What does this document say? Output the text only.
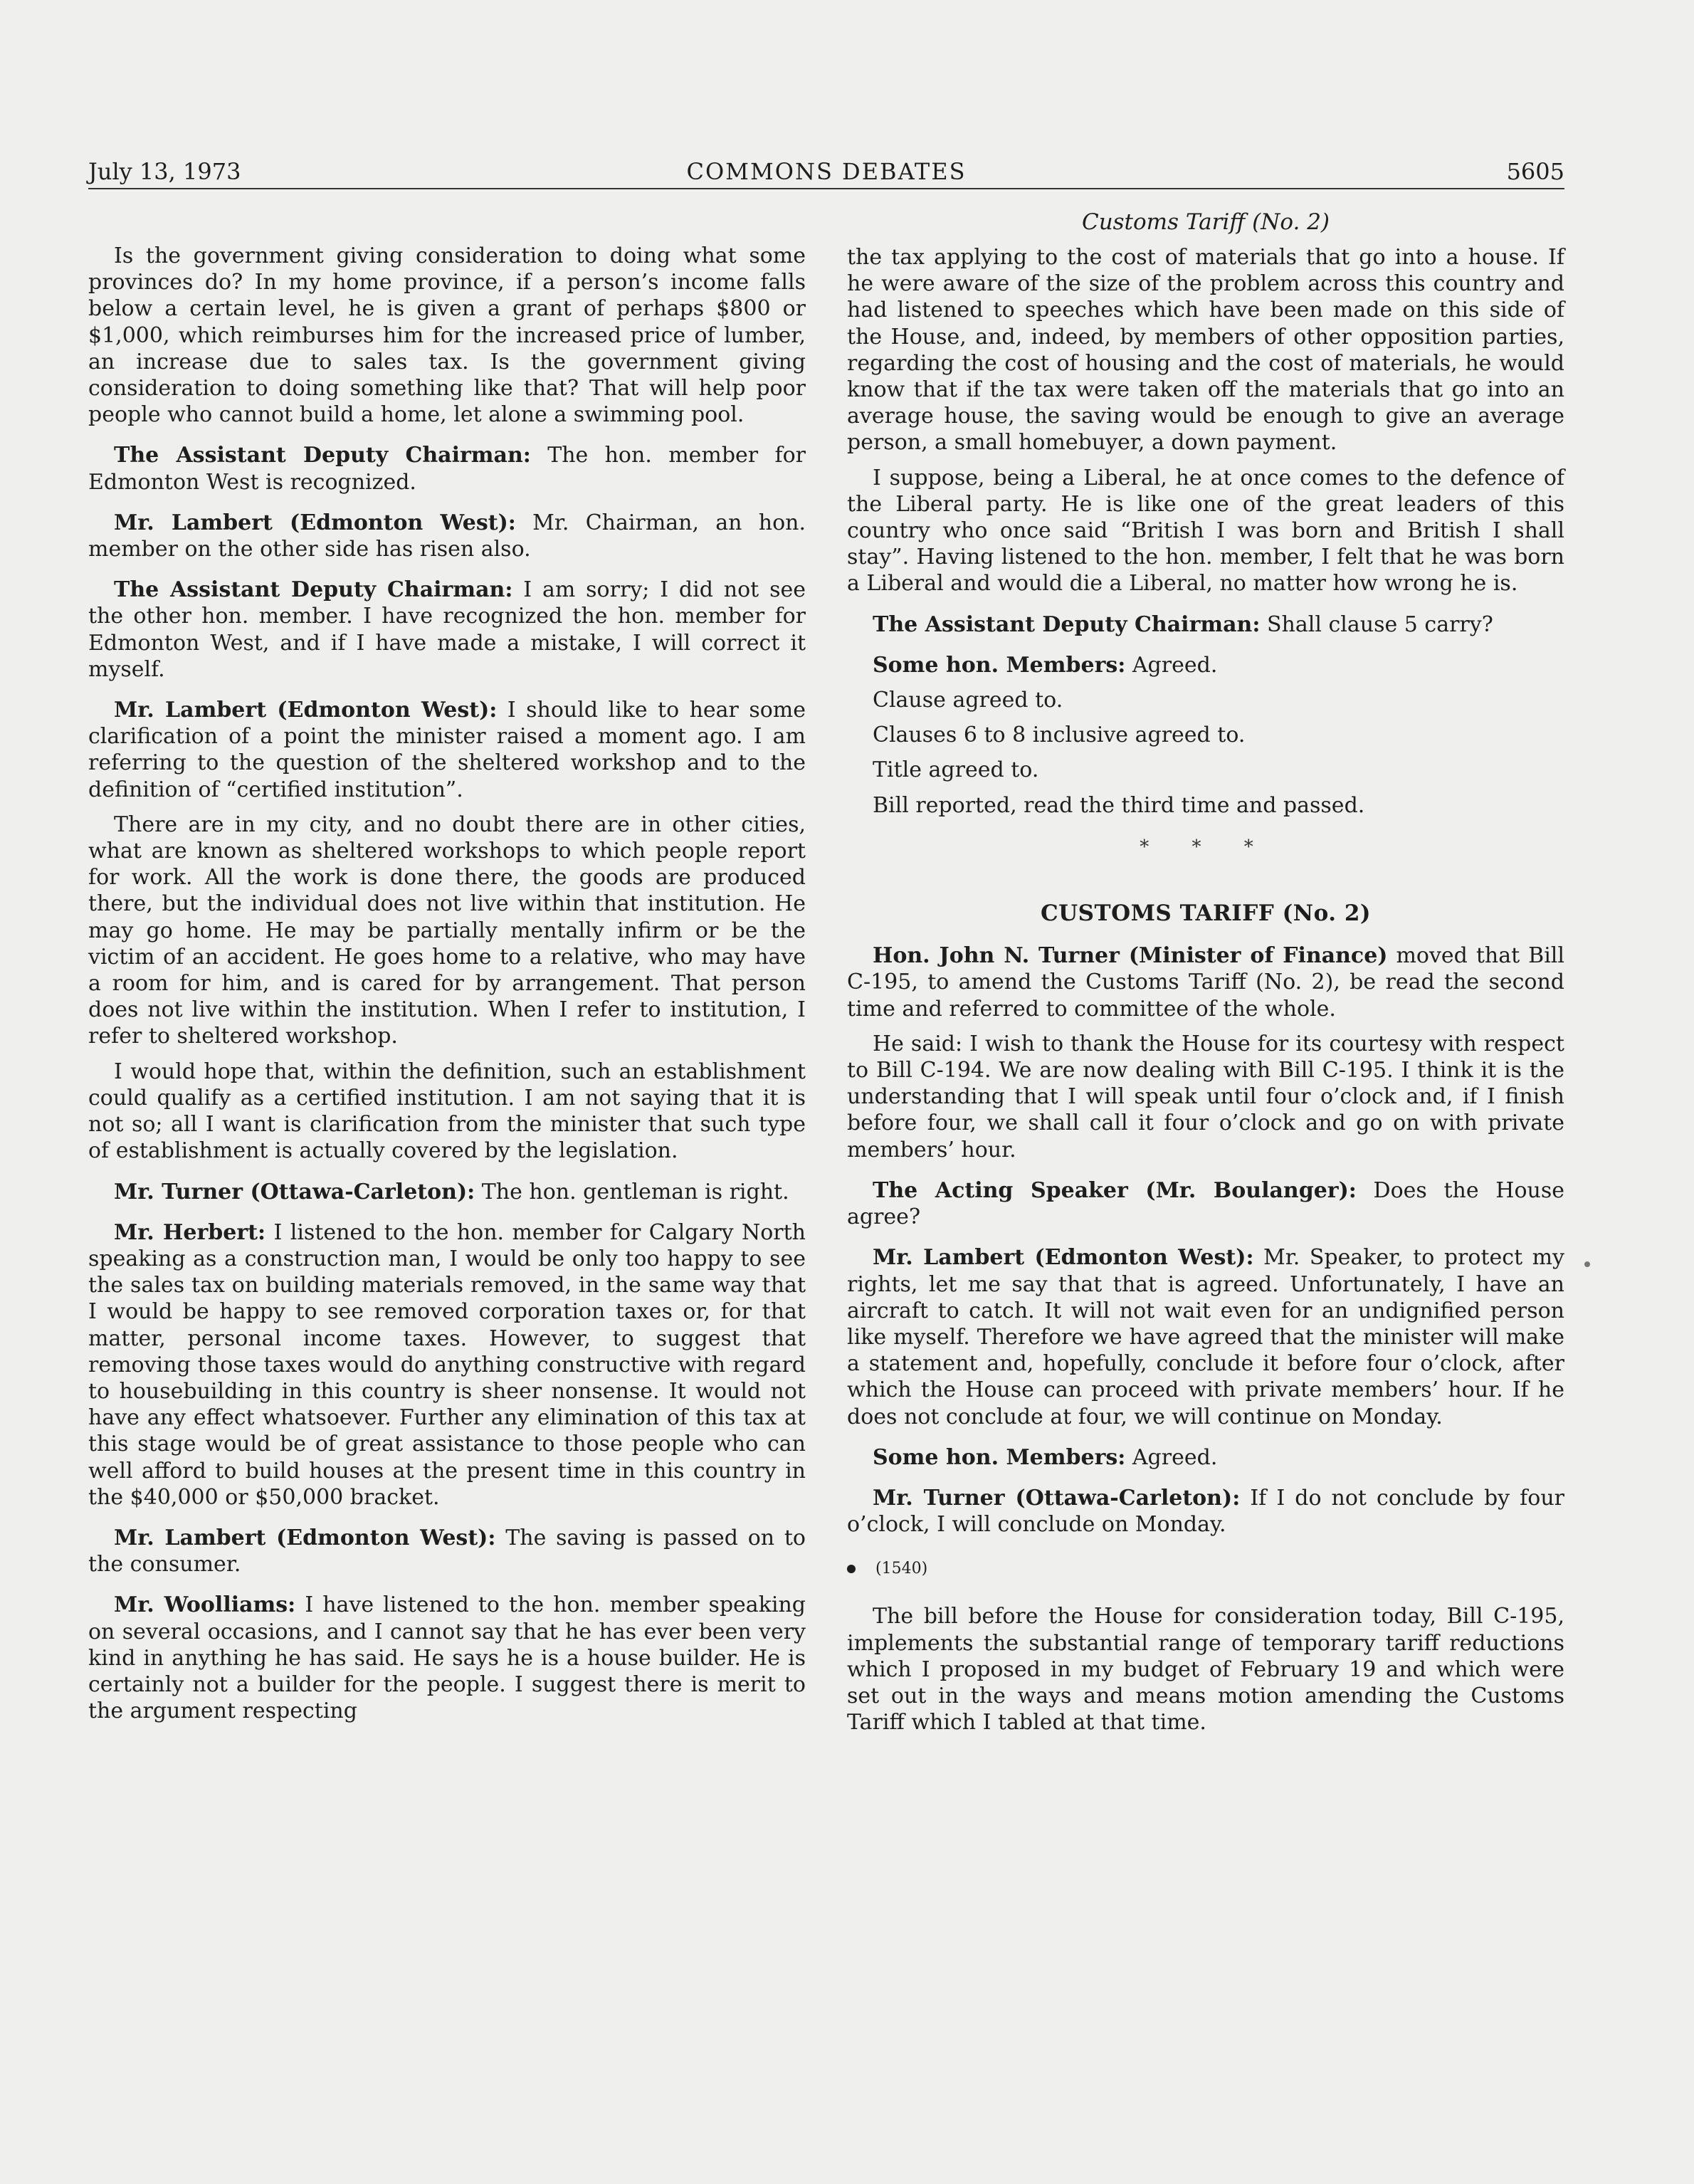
July 13, 1973	COMMONS DEBATES	5605
Customs Tariff (No. 2)

Is the government giving consideration to doing what some provinces do? In my home province, if a person’s income falls below a certain level, he is given a grant of perhaps $800 or $1,000, which reimburses him for the increased price of lumber, an increase due to sales tax. Is the government giving consideration to doing something like that? That will help poor people who cannot build a home, let alone a swimming pool.

The Assistant Deputy Chairman: The hon. member for Edmonton West is recognized.

Mr. Lambert (Edmonton West): Mr. Chairman, an hon. member on the other side has risen also.

The Assistant Deputy Chairman: I am sorry; I did not see the other hon. member. I have recognized the hon. member for Edmonton West, and if I have made a mistake, I will correct it myself.

Mr. Lambert (Edmonton West): I should like to hear some clarification of a point the minister raised a moment ago. I am referring to the question of the sheltered workshop and to the definition of “certified institution”.

There are in my city, and no doubt there are in other cities, what are known as sheltered workshops to which people report for work. All the work is done there, the goods are produced there, but the individual does not live within that institution. He may go home. He may be partially mentally infirm or be the victim of an accident. He goes home to a relative, who may have a room for him, and is cared for by arrangement. That person does not live within the institution. When I refer to institution, I refer to sheltered workshop.

I would hope that, within the definition, such an establishment could qualify as a certified institution. I am not saying that it is not so; all I want is clarification from the minister that such type of establishment is actually covered by the legislation.

Mr. Turner (Ottawa-Carleton): The hon. gentleman is right.

Mr. Herbert: I listened to the hon. member for Calgary North speaking as a construction man, I would be only too happy to see the sales tax on building materials removed, in the same way that I would be happy to see removed corporation taxes or, for that matter, personal income taxes. However, to suggest that removing those taxes would do anything constructive with regard to housebuilding in this country is sheer nonsense. It would not have any effect whatsoever. Further any elimination of this tax at this stage would be of great assistance to those people who can well afford to build houses at the present time in this country in the $40,000 or $50,000 bracket.

Mr. Lambert (Edmonton West): The saving is passed on to the consumer.

Mr. Woolliams: I have listened to the hon. member speaking on several occasions, and I cannot say that he has ever been very kind in anything he has said. He says he is a house builder. He is certainly not a builder for the people. I suggest there is merit to the argument respecting

the tax applying to the cost of materials that go into a house. If he were aware of the size of the problem across this country and had listened to speeches which have been made on this side of the House, and, indeed, by members of other opposition parties, regarding the cost of housing and the cost of materials, he would know that if the tax were taken off the materials that go into an average house, the saving would be enough to give an average person, a small homebuyer, a down payment.

I suppose, being a Liberal, he at once comes to the defence of the Liberal party. He is like one of the great leaders of this country who once said “British I was born and British I shall stay”. Having listened to the hon. member, I felt that he was born a Liberal and would die a Liberal, no matter how wrong he is.

The Assistant Deputy Chairman: Shall clause 5 carry?

Some hon. Members: Agreed.

Clause agreed to.

Clauses 6 to 8 inclusive agreed to.

Title agreed to.

Bill reported, read the third time and passed.

* * *
CUSTOMS TARIFF (No. 2)

Hon. John N. Turner (Minister of Finance) moved that Bill C-195, to amend the Customs Tariff (No. 2), be read the second time and referred to committee of the whole.

He said: I wish to thank the House for its courtesy with respect to Bill C-194. We are now dealing with Bill C-195. I think it is the understanding that I will speak until four o’clock and, if I finish before four, we shall call it four o’clock and go on with private members’ hour.

The Acting Speaker (Mr. Boulanger): Does the House agree?

Mr. Lambert (Edmonton West): Mr. Speaker, to protect my rights, let me say that that is agreed. Unfortunately, I have an aircraft to catch. It will not wait even for an undignified person like myself. Therefore we have agreed that the minister will make a statement and, hopefully, conclude it before four o’clock, after which the House can proceed with private members’ hour. If he does not conclude at four, we will continue on Monday.

Some hon. Members: Agreed.

Mr. Turner (Ottawa-Carleton): If I do not conclude by four o’clock, I will conclude on Monday.

(1540)

The bill before the House for consideration today, Bill C-195, implements the substantial range of temporary tariff reductions which I proposed in my budget of February 19 and which were set out in the ways and means motion amending the Customs Tariff which I tabled at that time.
